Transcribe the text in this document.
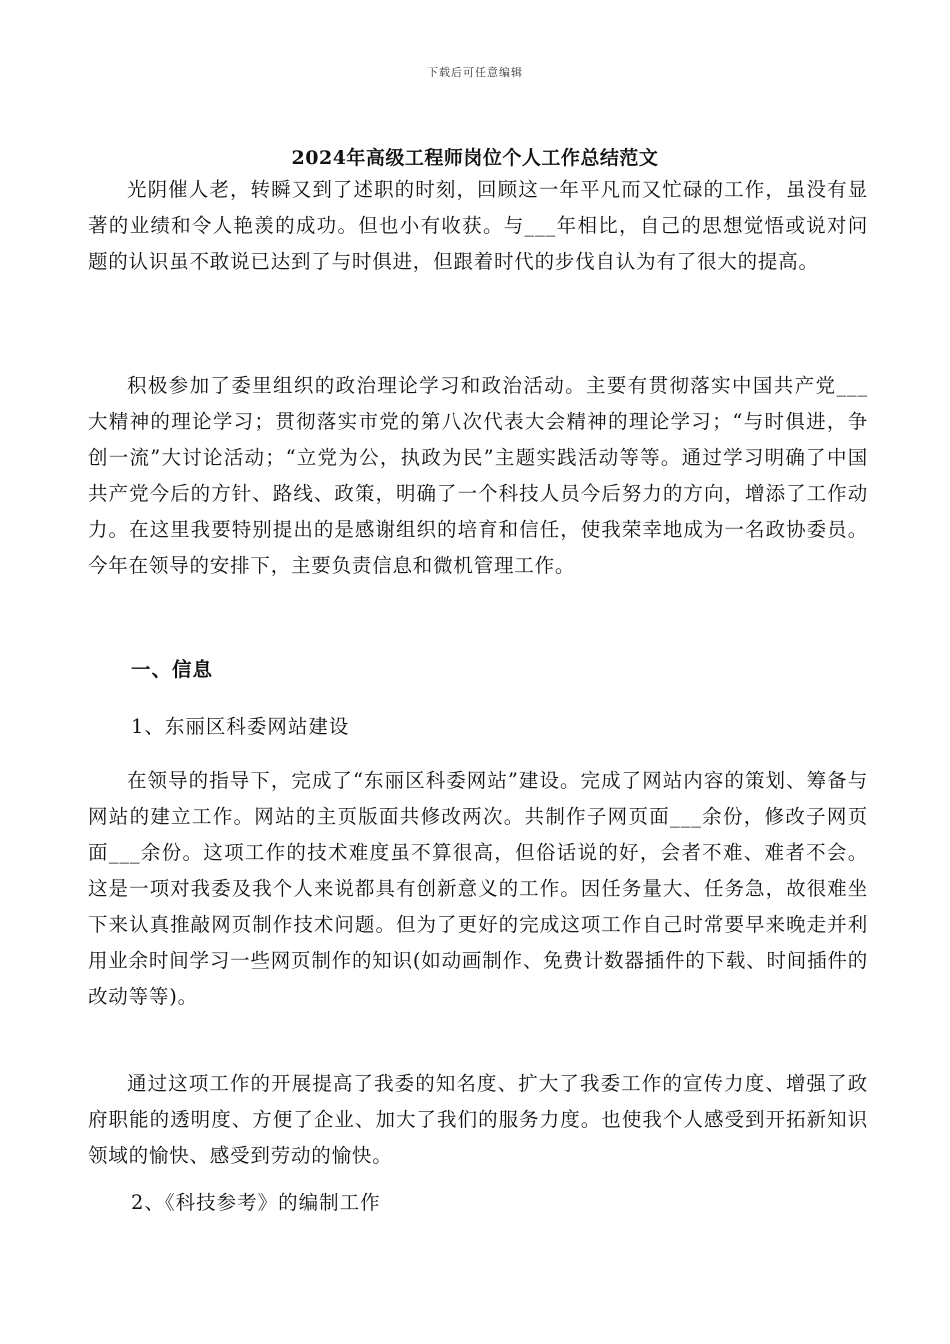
下载后可任意编辑
2024年高级工程师岗位个人工作总结范文

光阴催人老，转瞬又到了述职的时刻，回顾这一年平凡而又忙碌的工作，虽没有显著的业绩和令人艳羡的成功。但也小有收获。与___年相比，自己的思想觉悟或说对问题的认识虽不敢说已达到了与时俱进，但跟着时代的步伐自认为有了很大的提高。

积极参加了委里组织的政治理论学习和政治活动。主要有贯彻落实中国共产党___大精神的理论学习；贯彻落实市党的第八次代表大会精神的理论学习；“与时俱进，争创一流”大讨论活动；“立党为公，执政为民”主题实践活动等等。通过学习明确了中国共产党今后的方针、路线、政策，明确了一个科技人员今后努力的方向，增添了工作动力。在这里我要特别提出的是感谢组织的培育和信任，使我荣幸地成为一名政协委员。今年在领导的安排下，主要负责信息和微机管理工作。

一、信息
1、东丽区科委网站建设

在领导的指导下，完成了“东丽区科委网站”建设。完成了网站内容的策划、筹备与网站的建立工作。网站的主页版面共修改两次。共制作子网页面___余份，修改子网页面___余份。这项工作的技术难度虽不算很高，但俗话说的好，会者不难、难者不会。这是一项对我委及我个人来说都具有创新意义的工作。因任务量大、任务急，故很难坐下来认真推敲网页制作技术问题。但为了更好的完成这项工作自己时常要早来晚走并利用业余时间学习一些网页制作的知识(如动画制作、免费计数器插件的下载、时间插件的改动等等)。

通过这项工作的开展提高了我委的知名度、扩大了我委工作的宣传力度、增强了政府职能的透明度、方便了企业、加大了我们的服务力度。也使我个人感受到开拓新知识领域的愉快、感受到劳动的愉快。

2、《科技参考》的编制工作
